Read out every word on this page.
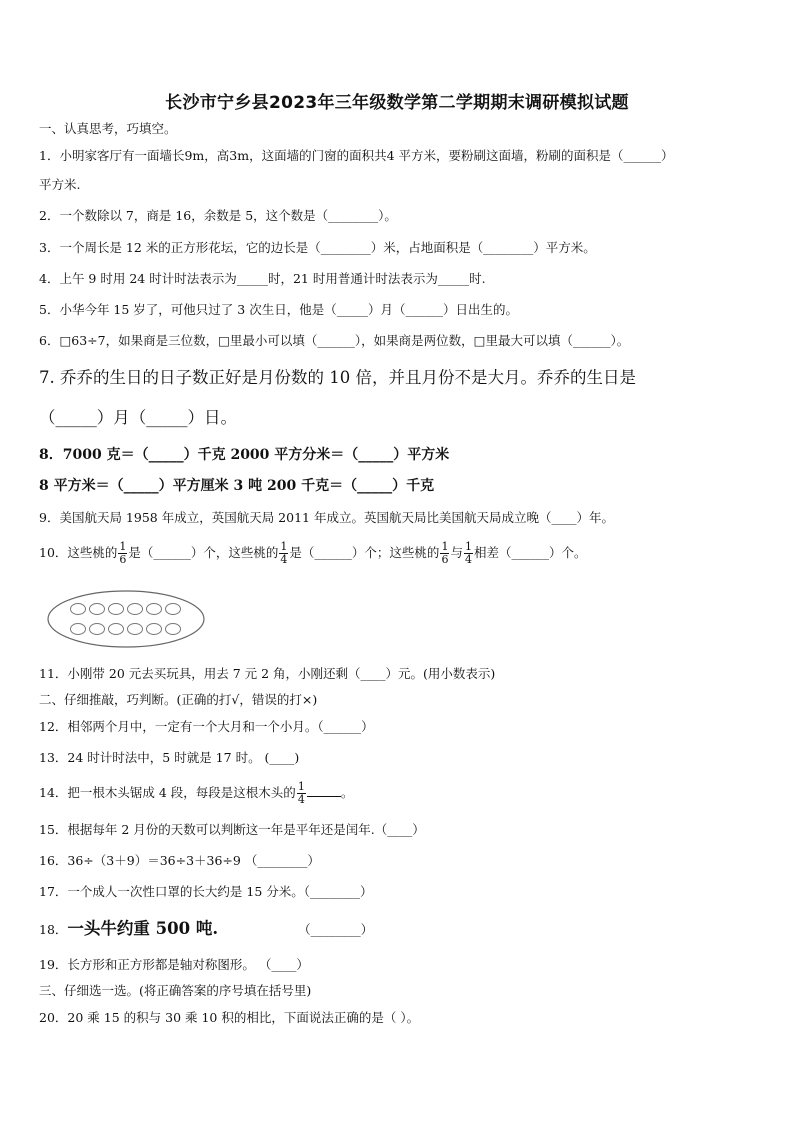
长沙市宁乡县2023年三年级数学第二学期期末调研模拟试题
一、认真思考，巧填空。
1．小明家客厅有一面墙长9m，高3m，这面墙的门窗的面积共4 平方米，要粉刷这面墙，粉刷的面积是（______）
平方米.
2．一个数除以 7，商是 16，余数是 5，这个数是（________）。
3．一个周长是 12 米的正方形花坛，它的边长是（________）米，占地面积是（________）平方米。
4．上午 9 时用 24 时计时法表示为_____时，21 时用普通计时法表示为_____时.
5．小华今年 15 岁了，可他只过了 3 次生日，他是（_____）月（______）日出生的。
6．□63÷7，如果商是三位数，□里最小可以填（______），如果商是两位数，□里最大可以填（______）。
7. 乔乔的生日的日子数正好是月份数的 10 倍，并且月份不是大月。乔乔的生日是
（_____）月（_____）日。
8．7000 克＝（_____）千克 2000 平方分米＝（_____）平方米
8 平方米＝（_____）平方厘米 3 吨 200 千克＝（_____）千克
9．美国航天局 1958 年成立，英国航天局 2011 年成立。英国航天局比美国航天局成立晚（____）年。
10．这些桃的 $\frac{1}{6}$ 是（______）个，这些桃的 $\frac{1}{4}$ 是（______）个；这些桃的 $\frac{1}{6}$ 与 $\frac{1}{4}$ 相差（______）个。
11．小刚带 20 元去买玩具，用去 7 元 2 角，小刚还剩（____）元。(用小数表示)
二、仔细推敲，巧判断。(正确的打√，错误的打×)
12．相邻两个月中，一定有一个大月和一个小月。（______）
13．24 时计时法中，5 时就是 17 时。 (____)
14．把一根木头锯成 4 段，每段是这根木头的 $\frac{1}{4}$	。
15．根据每年 2 月份的天数可以判断这一年是平年还是闰年.（____）
16．36÷（3＋9）＝36÷3＋36÷9 （________）
17．一个成人一次性口罩的长大约是 15 分米。（________）
18．一头牛约重 500 吨.	（________）
19．长方形和正方形都是轴对称图形。 （____）
三、仔细选一选。(将正确答案的序号填在括号里)
20．20 乘 15 的积与 30 乘 10 积的相比，下面说法正确的是（ ）。
